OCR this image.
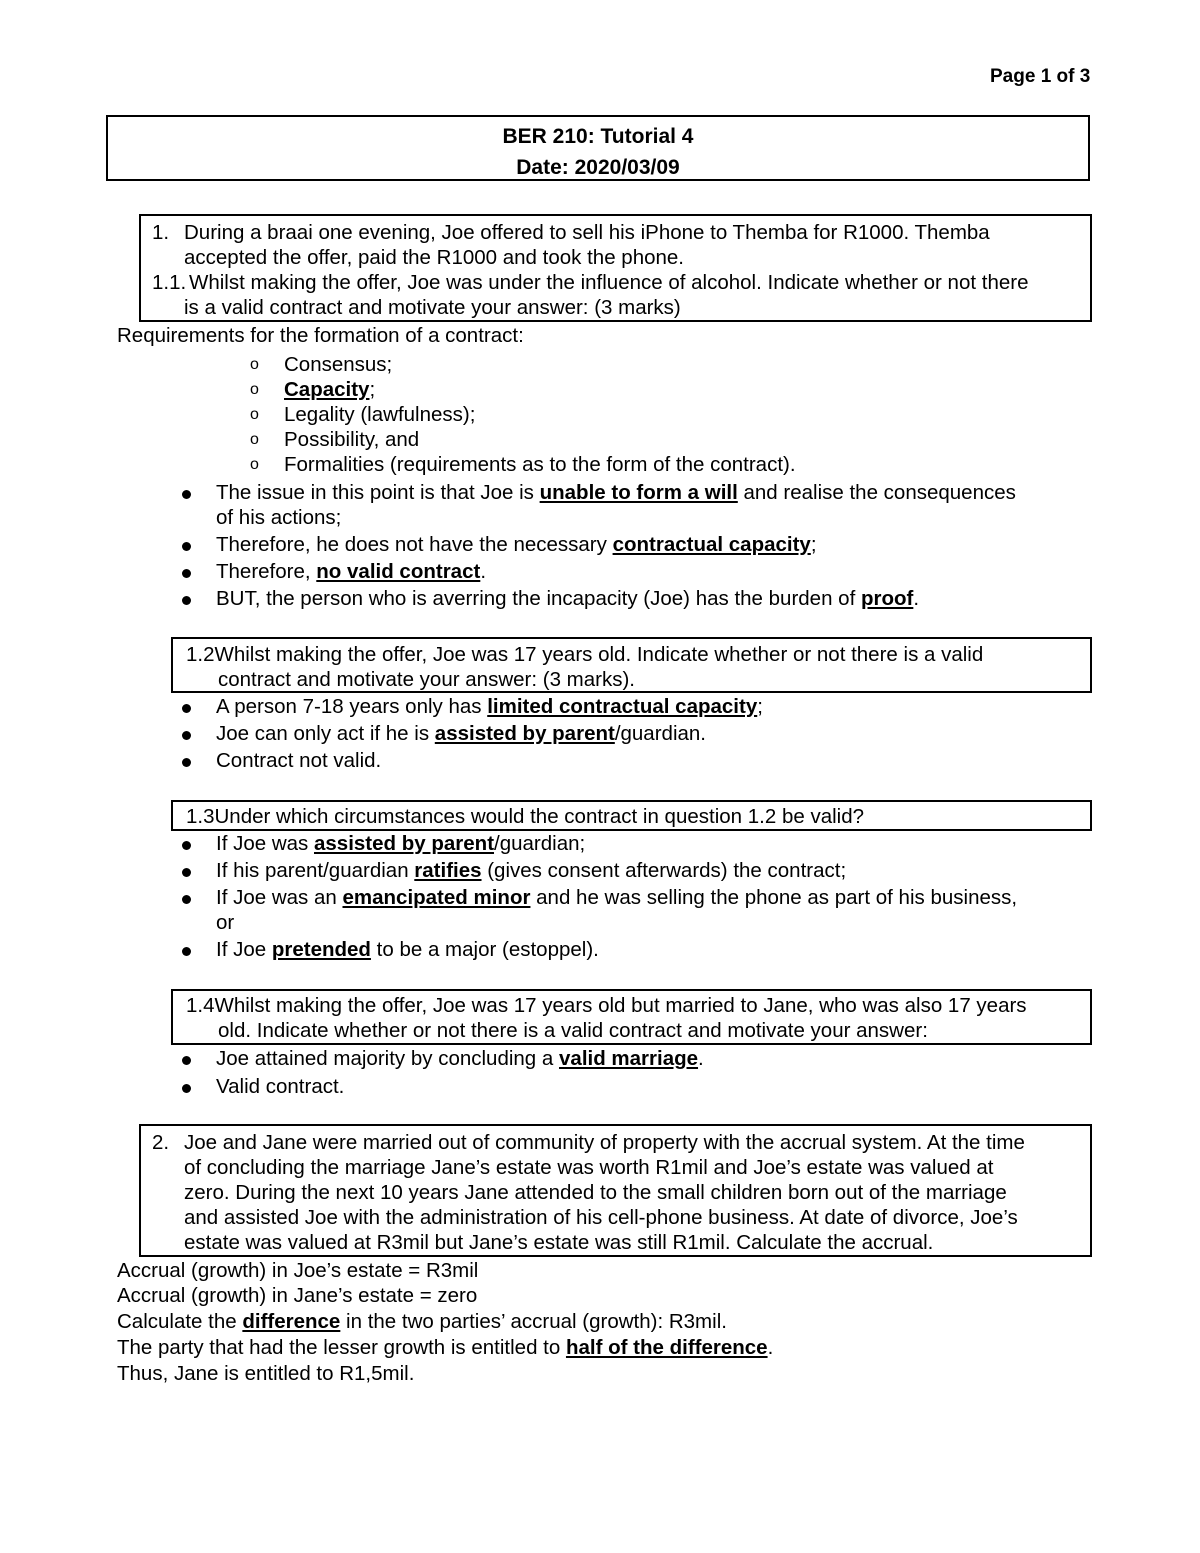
Page 1 of 3
BER 210: Tutorial 4
Date: 2020/03/09
1. During a braai one evening, Joe offered to sell his iPhone to Themba for R1000. Themba
accepted the offer, paid the R1000 and took the phone.
1.1. Whilst making the offer, Joe was under the influence of alcohol. Indicate whether or not there
is a valid contract and motivate your answer: (3 marks)
Requirements for the formation of a contract:
o Consensus;
o Capacity;
o Legality (lawfulness);
o Possibility, and
o Formalities (requirements as to the form of the contract).
The issue in this point is that Joe is unable to form a will and realise the consequences
of his actions;
Therefore, he does not have the necessary contractual capacity;
Therefore, no valid contract.
BUT, the person who is averring the incapacity (Joe) has the burden of proof.
1.2Whilst making the offer, Joe was 17 years old. Indicate whether or not there is a valid
contract and motivate your answer: (3 marks).
A person 7-18 years only has limited contractual capacity;
Joe can only act if he is assisted by parent/guardian.
Contract not valid.
1.3Under which circumstances would the contract in question 1.2 be valid?
If Joe was assisted by parent/guardian;
If his parent/guardian ratifies (gives consent afterwards) the contract;
If Joe was an emancipated minor and he was selling the phone as part of his business,
or
If Joe pretended to be a major (estoppel).
1.4Whilst making the offer, Joe was 17 years old but married to Jane, who was also 17 years
old. Indicate whether or not there is a valid contract and motivate your answer:
Joe attained majority by concluding a valid marriage.
Valid contract.
2. Joe and Jane were married out of community of property with the accrual system. At the time
of concluding the marriage Jane’s estate was worth R1mil and Joe’s estate was valued at
zero. During the next 10 years Jane attended to the small children born out of the marriage
and assisted Joe with the administration of his cell-phone business. At date of divorce, Joe’s
estate was valued at R3mil but Jane’s estate was still R1mil. Calculate the accrual.
Accrual (growth) in Joe’s estate = R3mil
Accrual (growth) in Jane’s estate = zero
Calculate the difference in the two parties’ accrual (growth): R3mil.
The party that had the lesser growth is entitled to half of the difference.
Thus, Jane is entitled to R1,5mil.
